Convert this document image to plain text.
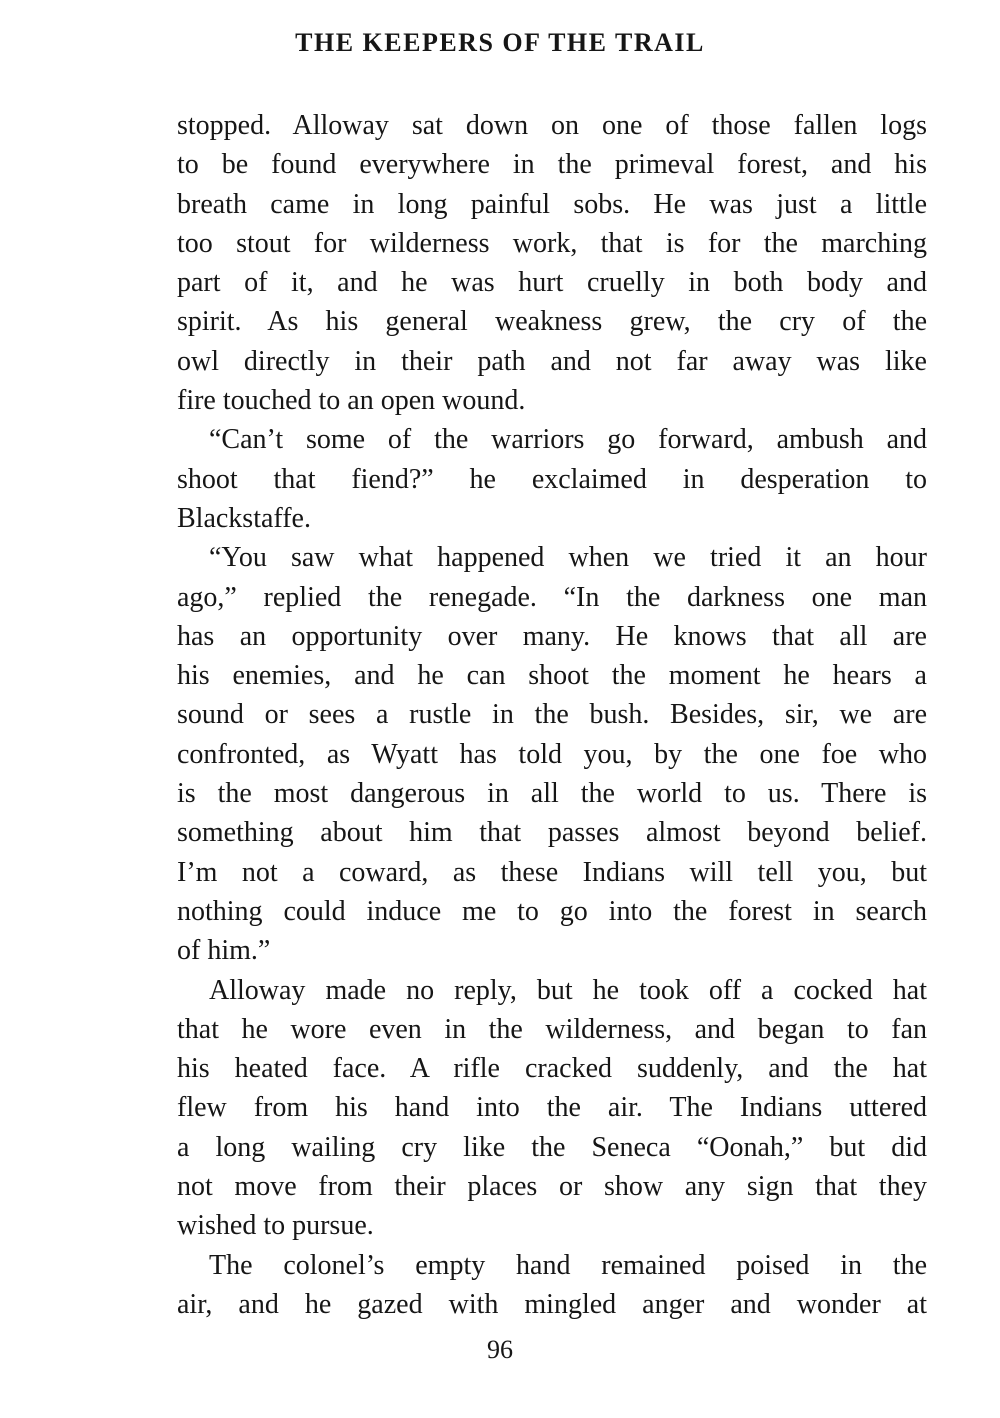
THE KEEPERS OF THE TRAIL
stopped. Alloway sat down on one of those fallen logs
to be found everywhere in the primeval forest, and his
breath came in long painful sobs. He was just a little
too stout for wilderness work, that is for the marching
part of it, and he was hurt cruelly in both body and
spirit. As his general weakness grew, the cry of the
owl directly in their path and not far away was like
fire touched to an open wound.
“Can’t some of the warriors go forward, ambush and
shoot that fiend?” he exclaimed in desperation to
Blackstaffe.
“You saw what happened when we tried it an hour
ago,” replied the renegade. “In the darkness one man
has an opportunity over many. He knows that all are
his enemies, and he can shoot the moment he hears a
sound or sees a rustle in the bush. Besides, sir, we are
confronted, as Wyatt has told you, by the one foe who
is the most dangerous in all the world to us. There is
something about him that passes almost beyond belief.
I’m not a coward, as these Indians will tell you, but
nothing could induce me to go into the forest in search
of him.”
Alloway made no reply, but he took off a cocked hat
that he wore even in the wilderness, and began to fan
his heated face. A rifle cracked suddenly, and the hat
flew from his hand into the air. The Indians uttered
a long wailing cry like the Seneca “Oonah,” but did
not move from their places or show any sign that they
wished to pursue.
The colonel’s empty hand remained poised in the
air, and he gazed with mingled anger and wonder at
96
